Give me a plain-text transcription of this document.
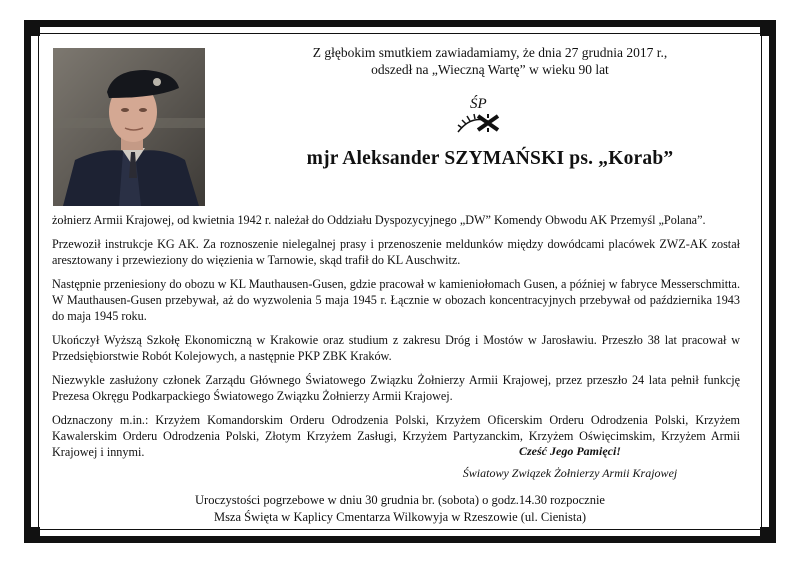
Z głębokim smutkiem zawiadamiamy, że dnia 27 grudnia 2017 r.,
odszedł na „Wieczną Wartę” w wieku 90 lat
ŚP
mjr Aleksander SZYMAŃSKI ps. „Korab”

żołnierz Armii Krajowej, od kwietnia 1942 r. należał do Oddziału Dyspozycyjnego „DW” Komendy Obwodu AK Przemyśl „Polana”.

Przewoził instrukcje KG AK. Za roznoszenie nielegalnej prasy i przenoszenie meldunków między dowódcami placówek ZWZ-AK został aresztowany i przewieziony do więzienia w Tarnowie, skąd trafił do KL Auschwitz.

Następnie przeniesiony do obozu w KL Mauthausen-Gusen, gdzie pracował w kamieniołomach Gusen, a później w fabryce Messerschmitta. W Mauthausen-Gusen przebywał, aż do wyzwolenia 5 maja 1945 r. Łącznie w obozach koncentracyjnych przebywał od października 1943 do maja 1945 roku.

Ukończył Wyższą Szkołę Ekonomiczną w Krakowie oraz studium z zakresu Dróg i Mostów w Jarosławiu. Przeszło 38 lat pracował w Przedsiębiorstwie Robót Kolejowych, a następnie PKP ZBK Kraków.

Niezwykle zasłużony członek Zarządu Głównego Światowego Związku Żołnierzy Armii Krajowej, przez przeszło 24 lata pełnił funkcję Prezesa Okręgu Podkarpackiego Światowego Związku Żołnierzy Armii Krajowej.

Odznaczony m.in.: Krzyżem Komandorskim Orderu Odrodzenia Polski, Krzyżem Oficerskim Orderu Odrodzenia Polski, Krzyżem Kawalerskim Orderu Odrodzenia Polski, Złotym Krzyżem Zasługi, Krzyżem Partyzanckim, Krzyżem Oświęcimskim, Krzyżem Armii Krajowej i innymi.	Cześć Jego Pamięci!
Światowy Związek Żołnierzy Armii Krajowej
Uroczystości pogrzebowe w dniu 30 grudnia br. (sobota) o godz.14.30 rozpocznie
Msza Święta w Kaplicy Cmentarza Wilkowyja w Rzeszowie (ul. Cienista)
